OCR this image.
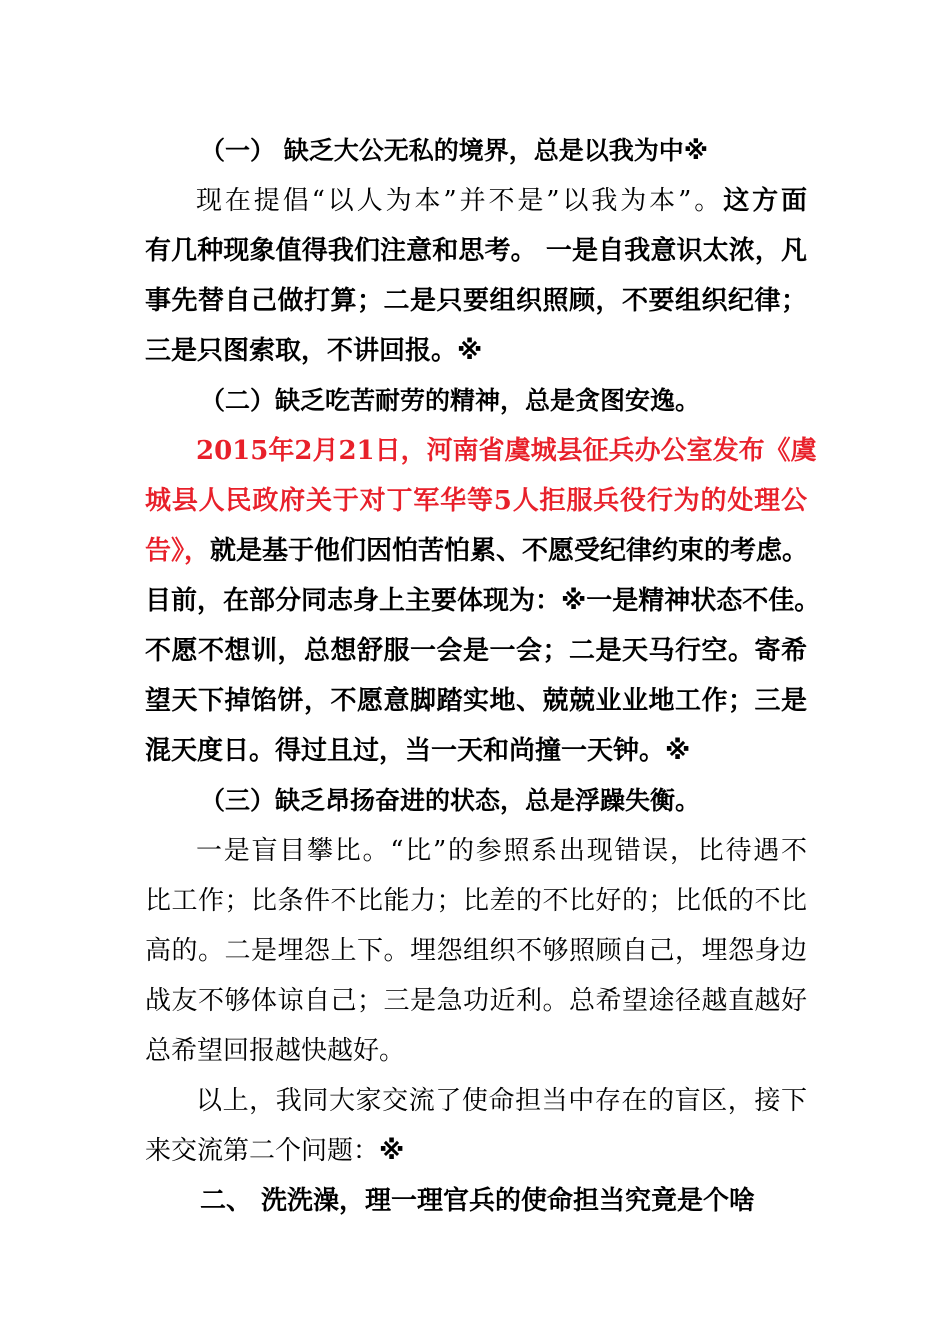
（一） 缺乏大公无私的境界，总是以我为中※
现在提倡“以人为本”并不是”以我为本”。这方面
有几种现象值得我们注意和思考。 一是自我意识太浓，凡
事先替自己做打算；二是只要组织照顾，不要组织纪律；
三是只图索取，不讲回报。※
（二）缺乏吃苦耐劳的精神，总是贪图安逸。
2015年2月21日，河南省虞城县征兵办公室发布《虞
城县人民政府关于对丁军华等5人拒服兵役行为的处理公
告》，就是基于他们因怕苦怕累、不愿受纪律约束的考虑。
目前，在部分同志身上主要体现为：※一是精神状态不佳。
不愿不想训，总想舒服一会是一会；二是天马行空。寄希
望天下掉馅饼，不愿意脚踏实地、兢兢业业地工作；三是
混天度日。得过且过，当一天和尚撞一天钟。※
（三）缺乏昂扬奋进的状态，总是浮躁失衡。
一是盲目攀比。“比”的参照系出现错误，比待遇不
比工作；比条件不比能力；比差的不比好的；比低的不比
高的。二是埋怨上下。埋怨组织不够照顾自己，埋怨身边
战友不够体谅自己；三是急功近利。总希望途径越直越好
总希望回报越快越好。
以上，我同大家交流了使命担当中存在的盲区，接下
来交流第二个问题：※
二、 洗洗澡，理一理官兵的使命担当究竟是个啥
